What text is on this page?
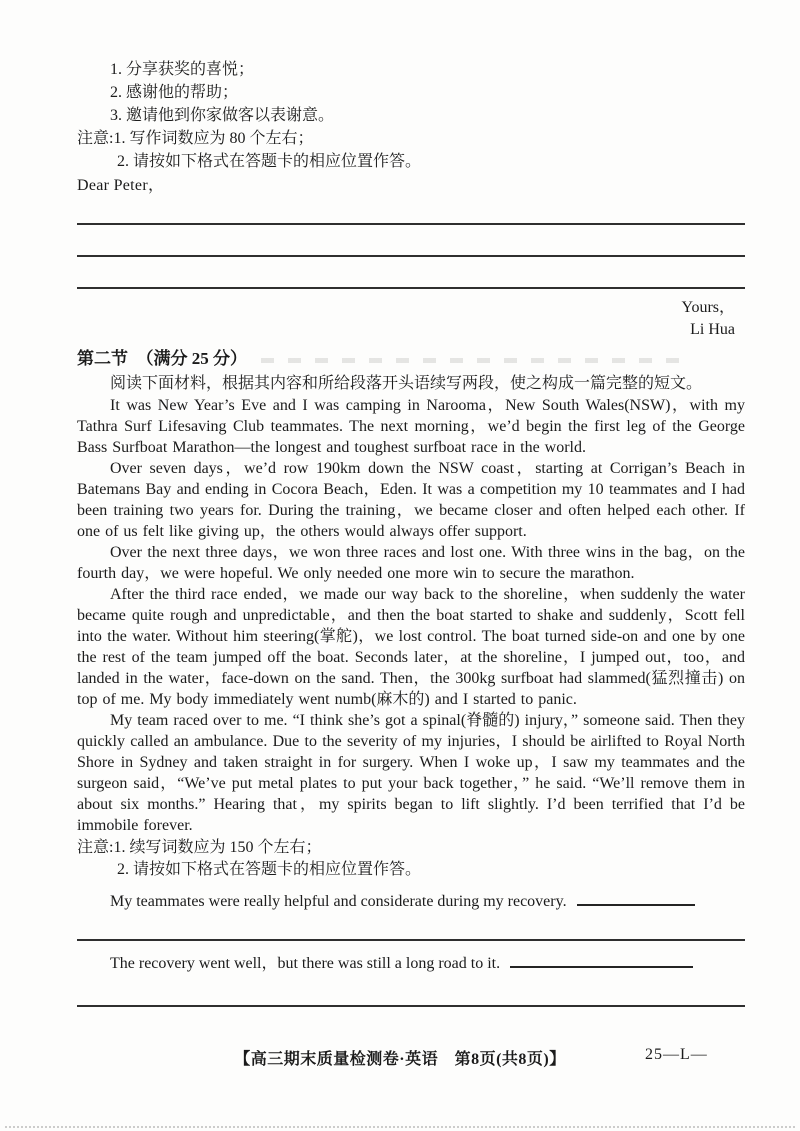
1. 分享获奖的喜悦；
2. 感谢他的帮助；
3. 邀请他到你家做客以表谢意。
注意:1. 写作词数应为 80 个左右；
2. 请按如下格式在答题卡的相应位置作答。
Dear Peter，
Yours，
Li Hua
第二节　（满分 25 分）
阅读下面材料，根据其内容和所给段落开头语续写两段，使之构成一篇完整的短文。

It was New Year’s Eve and I was camping in Narooma，New South Wales(NSW)，with my Tathra Surf Lifesaving Club teammates. The next morning，we’d begin the first leg of the George Bass Surfboat Marathon—the longest and toughest surfboat race in the world.

Over seven days，we’d row 190km down the NSW coast，starting at Corrigan’s Beach in Batemans Bay and ending in Cocora Beach，Eden. It was a competition my 10 teammates and I had been training two years for. During the training，we became closer and often helped each other. If one of us felt like giving up，the others would always offer support.

Over the next three days，we won three races and lost one. With three wins in the bag，on the fourth day，we were hopeful. We only needed one more win to secure the marathon.

After the third race ended，we made our way back to the shoreline，when suddenly the water became quite rough and unpredictable，and then the boat started to shake and suddenly，Scott fell into the water. Without him steering(掌舵)，we lost control. The boat turned side-on and one by one the rest of the team jumped off the boat. Seconds later，at the shoreline，I jumped out，too，and landed in the water，face-down on the sand. Then，the 300kg surfboat had slammed(猛烈撞击) on top of me. My body immediately went numb(麻木的) and I started to panic.

My team raced over to me. “I think she’s got a spinal(脊髓的) injury，” someone said. Then they quickly called an ambulance. Due to the severity of my injuries，I should be airlifted to Royal North Shore in Sydney and taken straight in for surgery. When I woke up，I saw my teammates and the surgeon said，“We’ve put metal plates to put your back together，” he said. “We’ll remove them in about six months.” Hearing that，my spirits began to lift slightly. I’d been terrified that I’d be immobile forever.

注意:1. 续写词数应为 150 个左右；
2. 请按如下格式在答题卡的相应位置作答。
My teammates were really helpful and considerate during my recovery.
The recovery went well，but there was still a long road to it.
【高三期末质量检测卷·英语　第8页(共8页)】	25—L—
